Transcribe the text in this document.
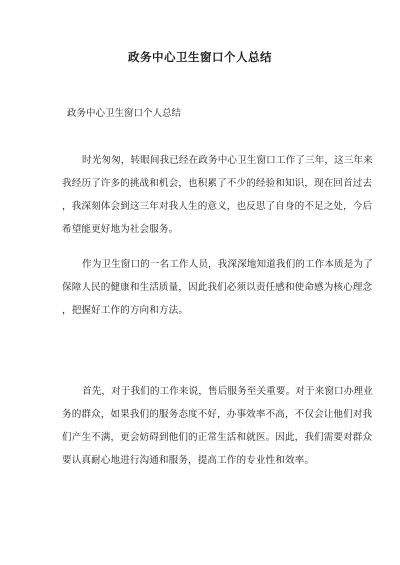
政务中心卫生窗口个人总结
政务中心卫生窗口个人总结
时光匆匆，转眼间我已经在政务中心卫生窗口工作了三年，这三年来
我经历了许多的挑战和机会，也积累了不少的经验和知识，现在回首过去
，我深刻体会到这三年对我人生的意义，也反思了自身的不足之处，今后
希望能更好地为社会服务。
作为卫生窗口的一名工作人员，我深深地知道我们的工作本质是为了
保障人民的健康和生活质量，因此我们必须以责任感和使命感为核心理念
，把握好工作的方向和方法。
首先，对于我们的工作来说，售后服务至关重要。对于来窗口办理业
务的群众，如果我们的服务态度不好，办事效率不高，不仅会让他们对我
们产生不满，更会妨碍到他们的正常生活和就医。因此，我们需要对群众
要认真耐心地进行沟通和服务，提高工作的专业性和效率。
